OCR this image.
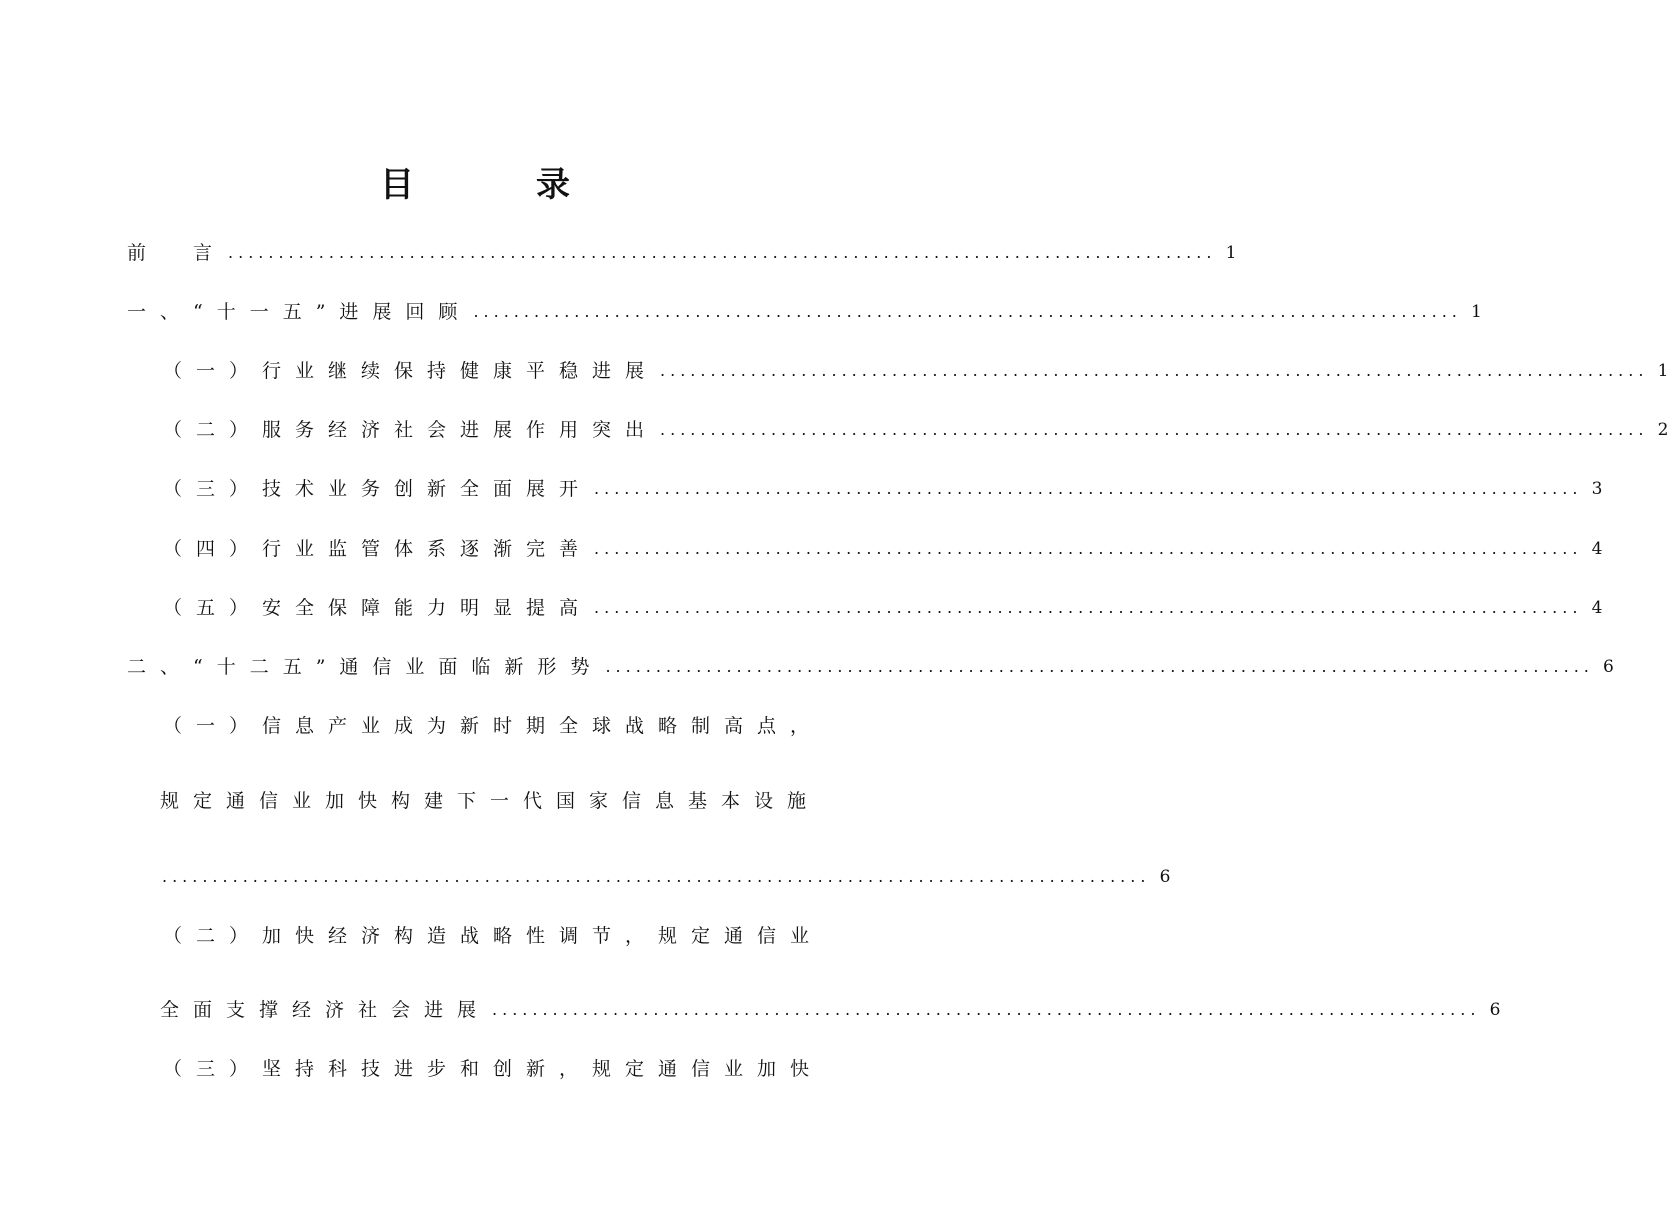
目　录
前　言 .................................................................................................. 1
一、“十一五”进展回顾 .................................................................................................. 1
（一）行业继续保持健康平稳进展 .................................................................................................. 1
（二）服务经济社会进展作用突出 .................................................................................................. 2
（三）技术业务创新全面展开 .................................................................................................. 3
（四）行业监管体系逐渐完善 .................................................................................................. 4
（五）安全保障能力明显提高 .................................................................................................. 4
二、“十二五”通信业面临新形势 .................................................................................................. 6
（一）信息产业成为新时期全球战略制高点，
规定通信业加快构建下一代国家信息基本设施
.................................................................................................. 6
（二）加快经济构造战略性调节，规定通信业
全面支撑经济社会进展 .................................................................................................. 6
（三）坚持科技进步和创新，规定通信业加快
